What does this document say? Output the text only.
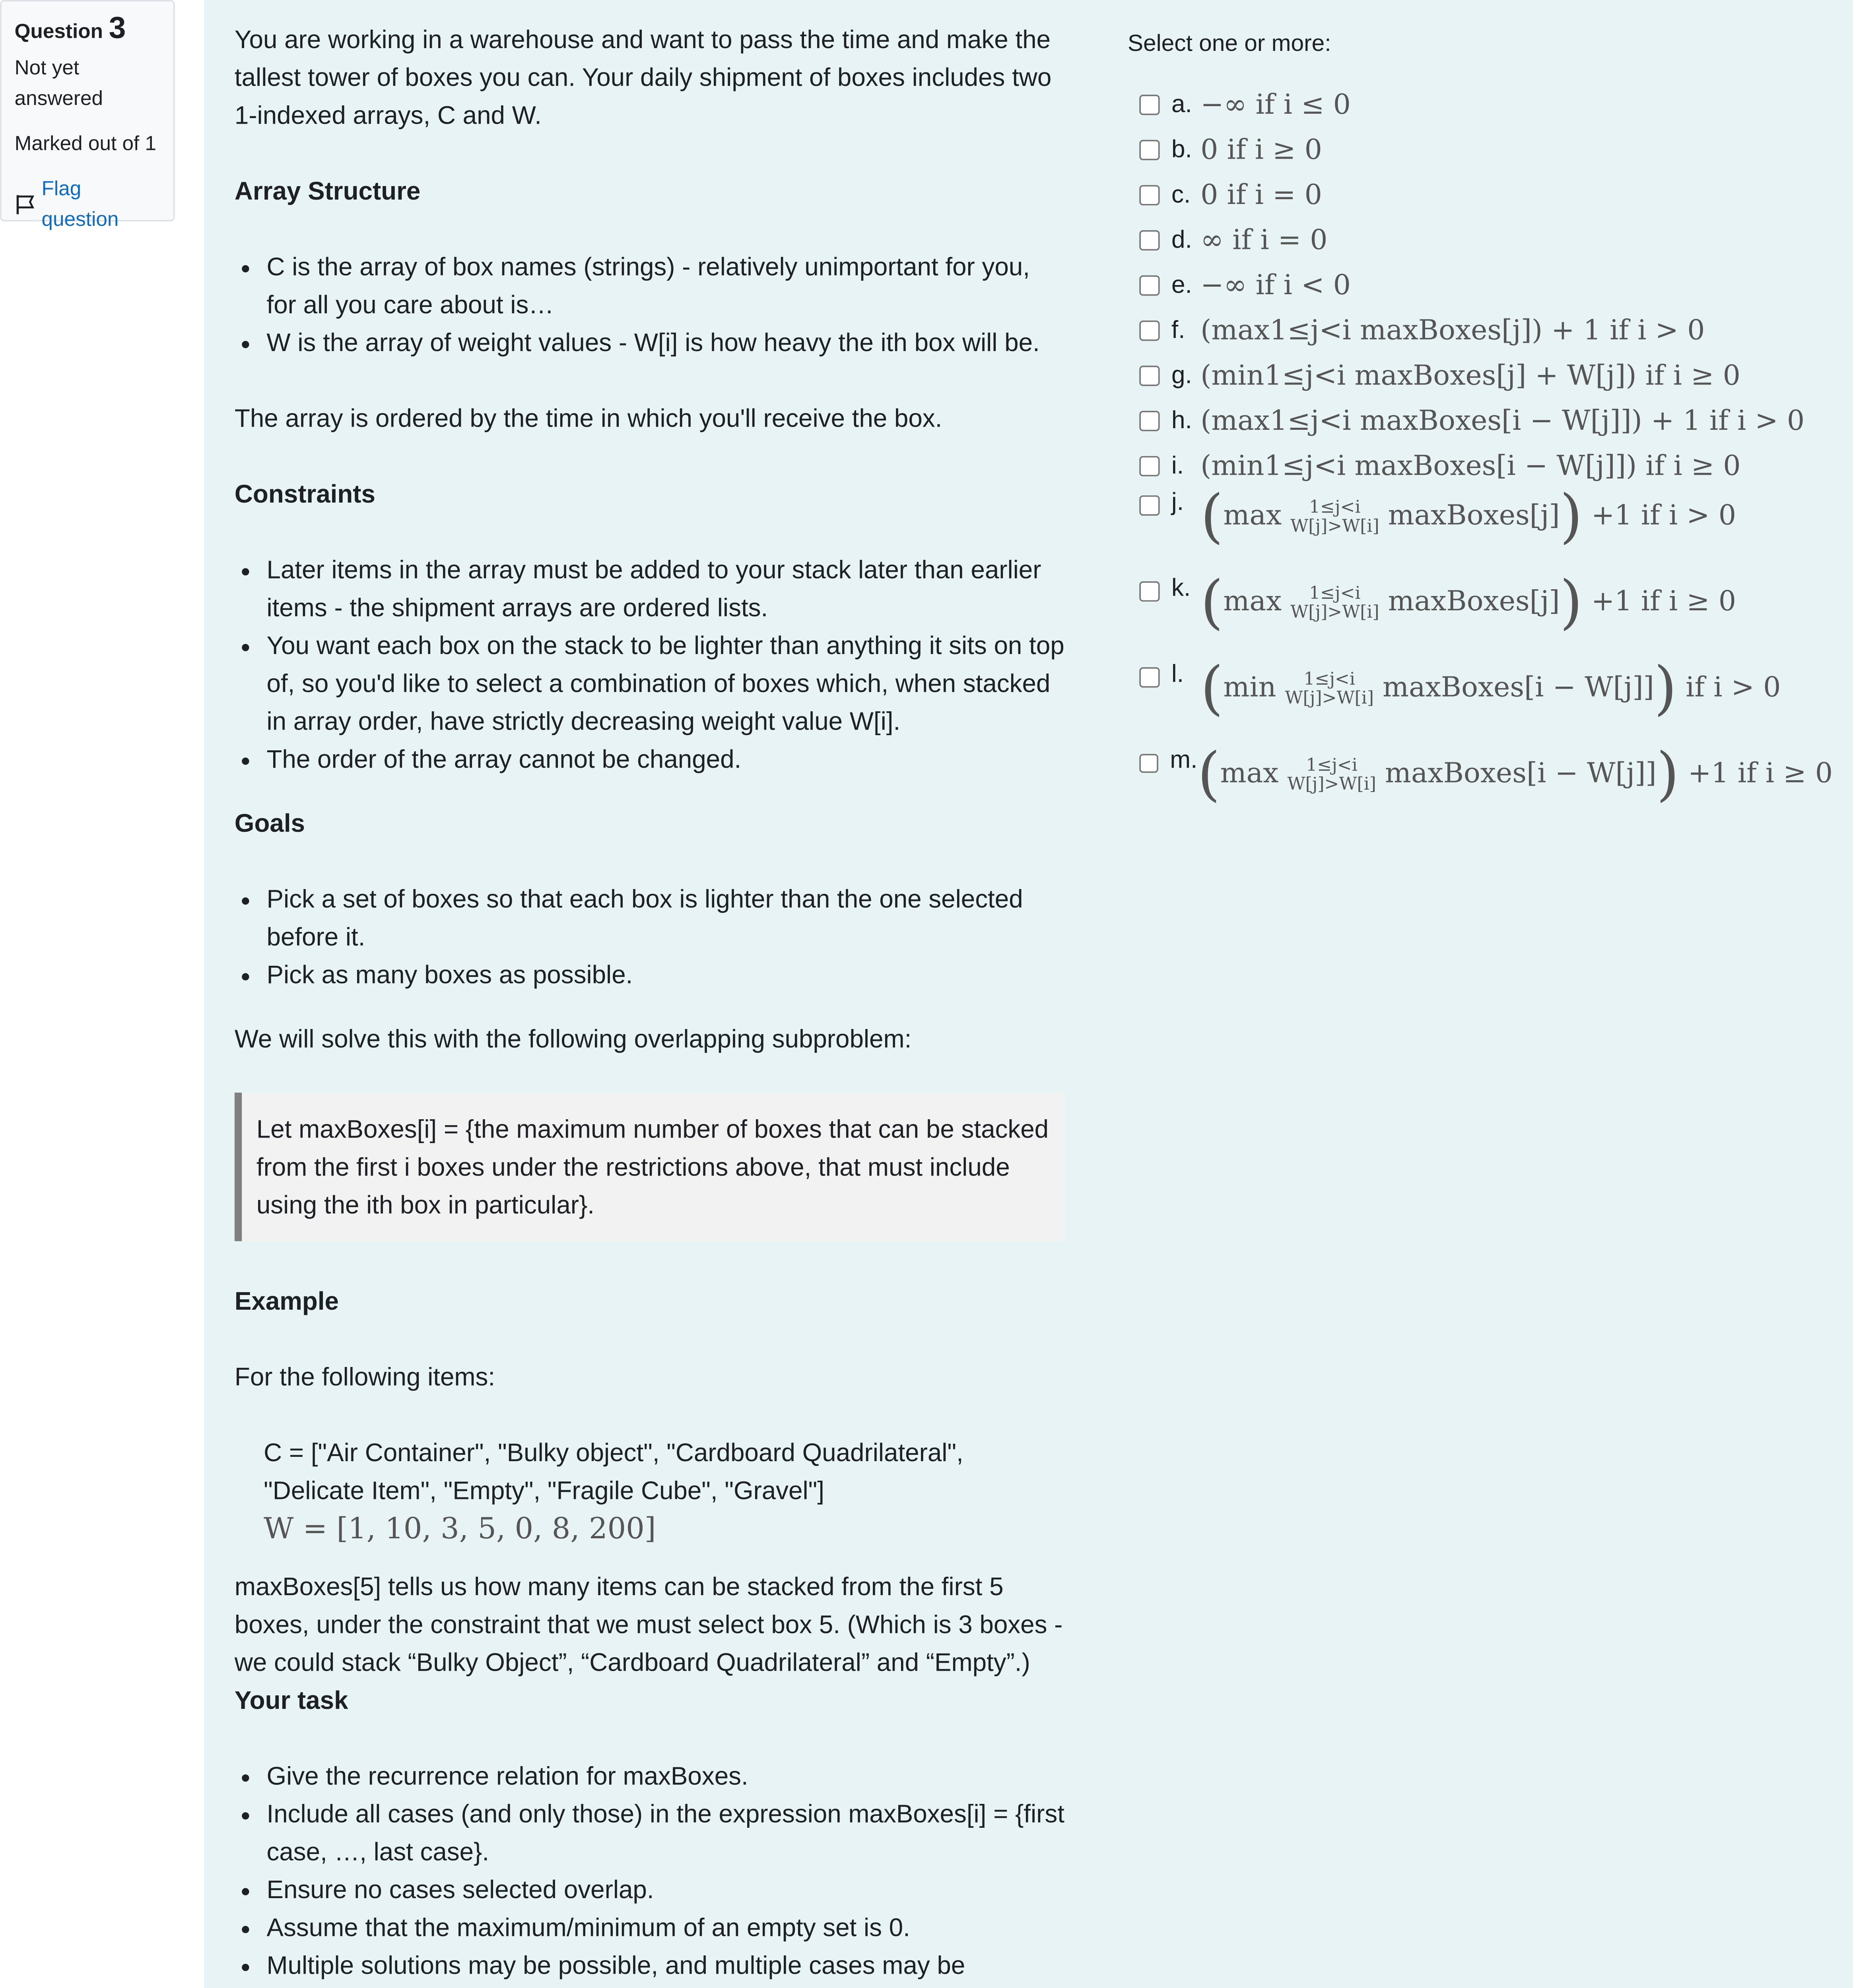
Question 3
Not yet answered
Marked out of 1
Flag question

You are working in a warehouse and want to pass the time and make the tallest tower of boxes you can. Your daily shipment of boxes includes two 1-indexed arrays, C and W.

Array Structure
• C is the array of box names (strings) - relatively unimportant for you, for all you care about is…
• W is the array of weight values - W[i] is how heavy the ith box will be.

The array is ordered by the time in which you'll receive the box.

Constraints
• Later items in the array must be added to your stack later than earlier items - the shipment arrays are ordered lists.
• You want each box on the stack to be lighter than anything it sits on top of, so you'd like to select a combination of boxes which, when stacked in array order, have strictly decreasing weight value W[i].
• The order of the array cannot be changed.
Goals
• Pick a set of boxes so that each box is lighter than the one selected before it.
• Pick as many boxes as possible.

We will solve this with the following overlapping subproblem:

Let maxBoxes[i] = {the maximum number of boxes that can be stacked from the first i boxes under the restrictions above, that must include using the ith box in particular}.

Example

For the following items:

C = ["Air Container", "Bulky object", "Cardboard Quadrilateral", "Delicate Item", "Empty", "Fragile Cube", "Gravel"]

W = [1, 10, 3, 5, 0, 8, 200]

maxBoxes[5] tells us how many items can be stacked from the first 5 boxes, under the constraint that we must select box 5. (Which is 3 boxes - we could stack “Bulky Object”, “Cardboard Quadrilateral” and “Empty”.)

Your task
• Give the recurrence relation for maxBoxes.
• Include all cases (and only those) in the expression maxBoxes[i] = {first case, …, last case}.
• Ensure no cases selected overlap.
• Assume that the maximum/minimum of an empty set is 0.
• Multiple solutions may be possible, and multiple cases may be
Select one or more:
a.	−∞ if i ≤ 0
b.	0 if i ≥ 0
c.	0 if i = 0
d.	∞ if i = 0
e.	−∞ if i < 0
f.	(max1≤j<i maxBoxes[j]) + 1 if i > 0
g.	(min1≤j<i maxBoxes[j] + W[j]) if i ≥ 0
h.	(max1≤j<i maxBoxes[i − W[j]]) + 1 if i > 0
i.	(min1≤j<i maxBoxes[i − W[j]]) if i ≥ 0
j.	(max	1≤j<i
W[j]>W[i] maxBoxes[j]) +1 if i > 0
k. (max	1≤j<i
W[j]>W[i] maxBoxes[j]) +1 if i ≥ 0
l.	(min	1≤j<i
W[j]>W[i] maxBoxes[i − W[j]]) if i > 0
m. (max	1≤j<i
W[j]>W[i] maxBoxes[i − W[j]]) +1 if i ≥ 0
